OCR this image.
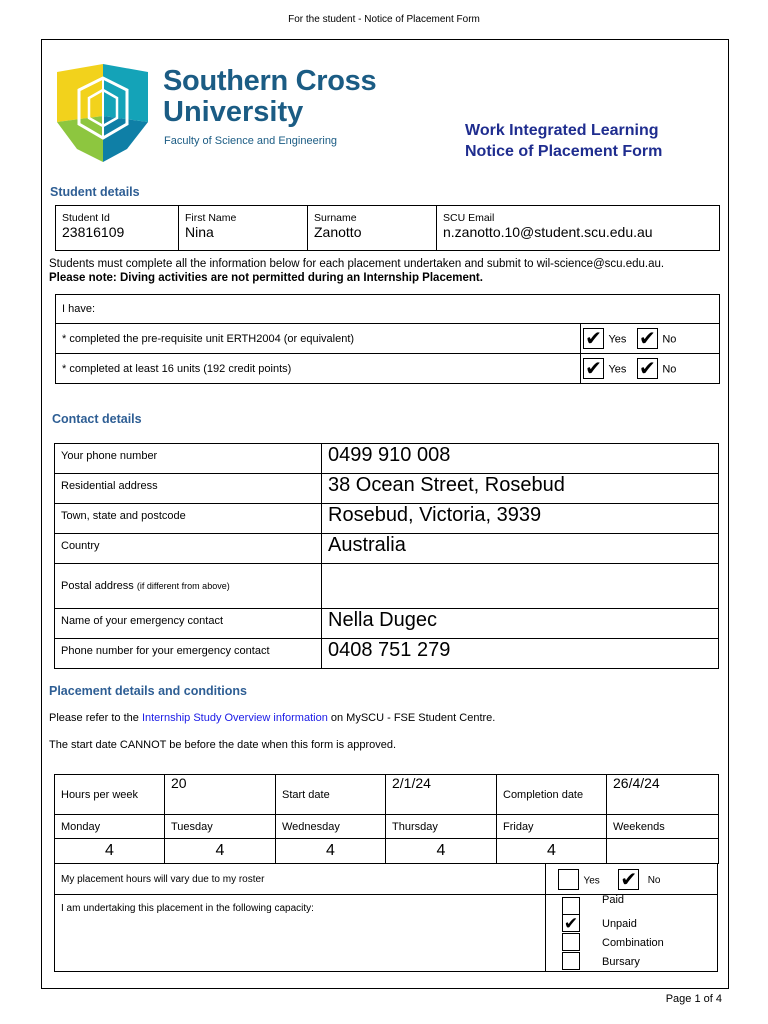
For the student - Notice of Placement Form
Southern Cross
University
Faculty of Science and Engineering
Work Integrated Learning
Notice of Placement Form
Student details
Student Id
23816109

First Name
Nina

Surname
Zanotto

SCU Email
n.zanotto.10@student.scu.edu.au
Students must complete all the information below for each placement undertaken and submit to wil-science@scu.edu.au.
Please note: Diving activities are not permitted during an Internship Placement.
I have:	
* completed the pre-requisite unit ERTH2004 (or equivalent)	✔ Yes ✔ No
* completed at least 16 units (192 credit points)	✔ Yes ✔ No
Contact details
Your phone number	0499 910 008
Residential address	38 Ocean Street, Rosebud
Town, state and postcode	Rosebud, Victoria, 3939
Country	Australia
Postal address (if different from above)	
Name of your emergency contact	Nella Dugec
Phone number for your emergency contact	0408 751 279
Placement details and conditions
Please refer to the Internship Study Overview information on MySCU - FSE Student Centre.
The start date CANNOT be before the date when this form is approved.
Hours per week	20	Start date	2/1/24	Completion date	26/4/24
Monday	Tuesday	Wednesday	Thursday	Friday	Weekends
4	4	4	4	4	
My placement hours will vary due to my roster	Yes ✔ No
I am undertaking this placement in the following capacity:	$^{Paid}$
✔ Unpaid
Combination
Bursary
Page 1 of 4
